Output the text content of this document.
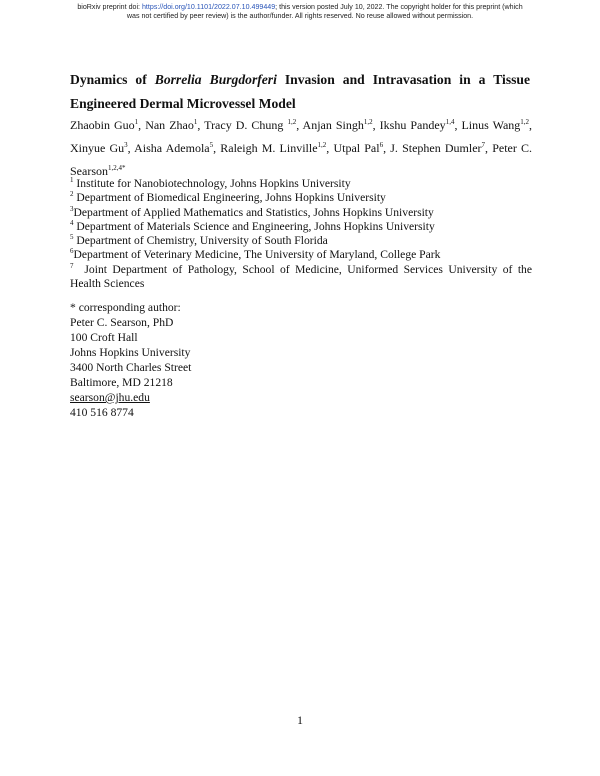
bioRxiv preprint doi: https://doi.org/10.1101/2022.07.10.499449; this version posted July 10, 2022. The copyright holder for this preprint (which
was not certified by peer review) is the author/funder. All rights reserved. No reuse allowed without permission.
Dynamics of Borrelia Burgdorferi Invasion and Intravasation in a Tissue
Engineered Dermal Microvessel Model
Zhaobin Guo$^1$, Nan Zhao$^1$, Tracy D. Chung $^{1,2}$, Anjan Singh$^{1,2}$, Ikshu Pandey$^{1,4}$, Linus Wang$^{1,2}$,
Xinyue Gu$^3$, Aisha Ademola$^5$, Raleigh M. Linville$^{1,2}$, Utpal Pal$^6$, J. Stephen Dumler$^7$, Peter C.
Searson$^{1,2,4*}$
$^1$ Institute for Nanobiotechnology, Johns Hopkins University
$^2$ Department of Biomedical Engineering, Johns Hopkins University
$^3$Department of Applied Mathematics and Statistics, Johns Hopkins University
$^4$ Department of Materials Science and Engineering, Johns Hopkins University
$^5$ Department of Chemistry, University of South Florida
$^6$Department of Veterinary Medicine, The University of Maryland, College Park
$^7$ Joint Department of Pathology, School of Medicine, Uniformed Services University of the
Health Sciences
* corresponding author:
Peter C. Searson, PhD
100 Croft Hall
Johns Hopkins University
3400 North Charles Street
Baltimore, MD 21218
searson@jhu.edu
410 516 8774
1
